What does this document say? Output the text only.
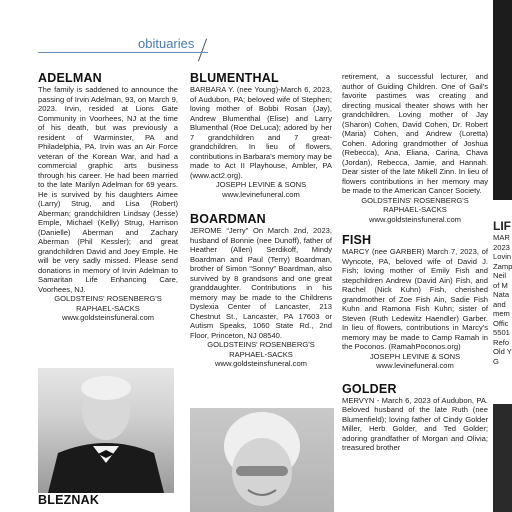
obituaries
ADELMAN
The family is saddened to announce the passing of Irvin Adelman, 93, on March 9, 2023. Irvin, resided at Lions Gate Community in Voorhees, NJ at the time of his death, but was previously a resident of Warminster, PA and Philadelphia, PA. Irvin was an Air Force veteran of the Korean War, and had a commercial graphic arts business through his career. He had been married to the late Marilyn Adelman for 69 years. He is survived by his daughters Aimee (Larry) Strug, and Lisa (Robert) Aberman; grandchildren Lindsay (Jesse) Emple, Michael (Kelly) Strug, Harrison (Danielle) Aberman and Zachary Aberman (Phil Kessler); and great grandchildren David and Joey Emple. He will be very sadly missed. Please send donations in memory of Irvin Adelman to Samaritan Life Enhancing Care, Voorhees, NJ.
GOLDSTEINS' ROSENBERG'S
RAPHAEL-SACKS
www.goldsteinsfuneral.com
BLEZNAK
BLUMENTHAL
BARBARA Y. (nee Young)-March 6, 2023, of Audubon, PA; beloved wife of Stephen; loving mother of Bobbi Rosan (Jay), Andrew Blumenthal (Elise) and Larry Blumenthal (Roe DeLuca); adored by her 7 grandchildren and 7 great-grandchildren. In lieu of flowers, contributions in Barbara's memory may be made to Act II Playhouse, Ambler, PA (www.act2.org).
JOSEPH LEVINE & SONS
www.levinefuneral.com
BOARDMAN
JEROME “Jerry” On March 2nd, 2023, husband of Bonnie (nee Dunoff), father of Heather (Allen) Serdikoff, Mindy Boardman and Paul (Terry) Boardman, brother of Simon “Sonny” Boardman, also survived by 8 grandsons and one great granddaughter. Contributions in his memory may be made to the Childrens Dyslexia Center of Lancaster, 213 Chestnut St., Lancaster, PA 17603 or Autism Speaks, 1060 State Rd., 2nd Floor, Princeton, NJ 08540.
GOLDSTEINS' ROSENBERG'S
RAPHAEL-SACKS
www.goldsteinsfuneral.com
retirement, a successful lecturer, and author of Guiding Children. One of Gail's favorite pastimes was creating and directing musical theater shows with her grandchildren. Loving mother of Jay (Sharon) Cohen, David Cohen, Dr. Robert (Maria) Cohen, and Andrew (Loretta) Cohen. Adoring grandmother of Joshua (Rebecca), Ana, Eliana, Carina, Chava (Jordan), Rebecca, Jamie, and Hannah. Dear sister of the late Mikell Zinn. In lieu of flowers contributions in her memory may be made to the American Cancer Society.
GOLDSTEINS' ROSENBERG'S
RAPHAEL-SACKS
www.goldsteinsfuneral.com
FISH
MARCY (nee GARBER) March 7, 2023, of Wyncote, PA, beloved wife of David J. Fish; loving mother of Emily Fish and stepchildren Andrew (David Ain) Fish, and Rachel (Nick Kuhn) Fish, cherished grandmother of Zoe Fish Ain, Sadie Fish Kuhn and Ramona Fish Kuhn; sister of Steven (Ruth Ledewitz Haendler) Garber. In lieu of flowers, contributions in Marcy's memory may be made to Camp Ramah in the Poconos. (RamahPoconos.org)
JOSEPH LEVINE & SONS
www.levinefuneral.com
GOLDER
MERVYN - March 6, 2023 of Audubon, PA. Beloved husband of the late Ruth (nee Blumenfield); loving father of Cindy Golder Miller, Herb Golder, and Ted Golder; adoring grandfather of Morgan and Olivia; treasured brother
LIF
MAR
2023
Lovin
Zamp
Neil
of M
Nata
and
mem
Offic
5501
Refo
Old Y
G
